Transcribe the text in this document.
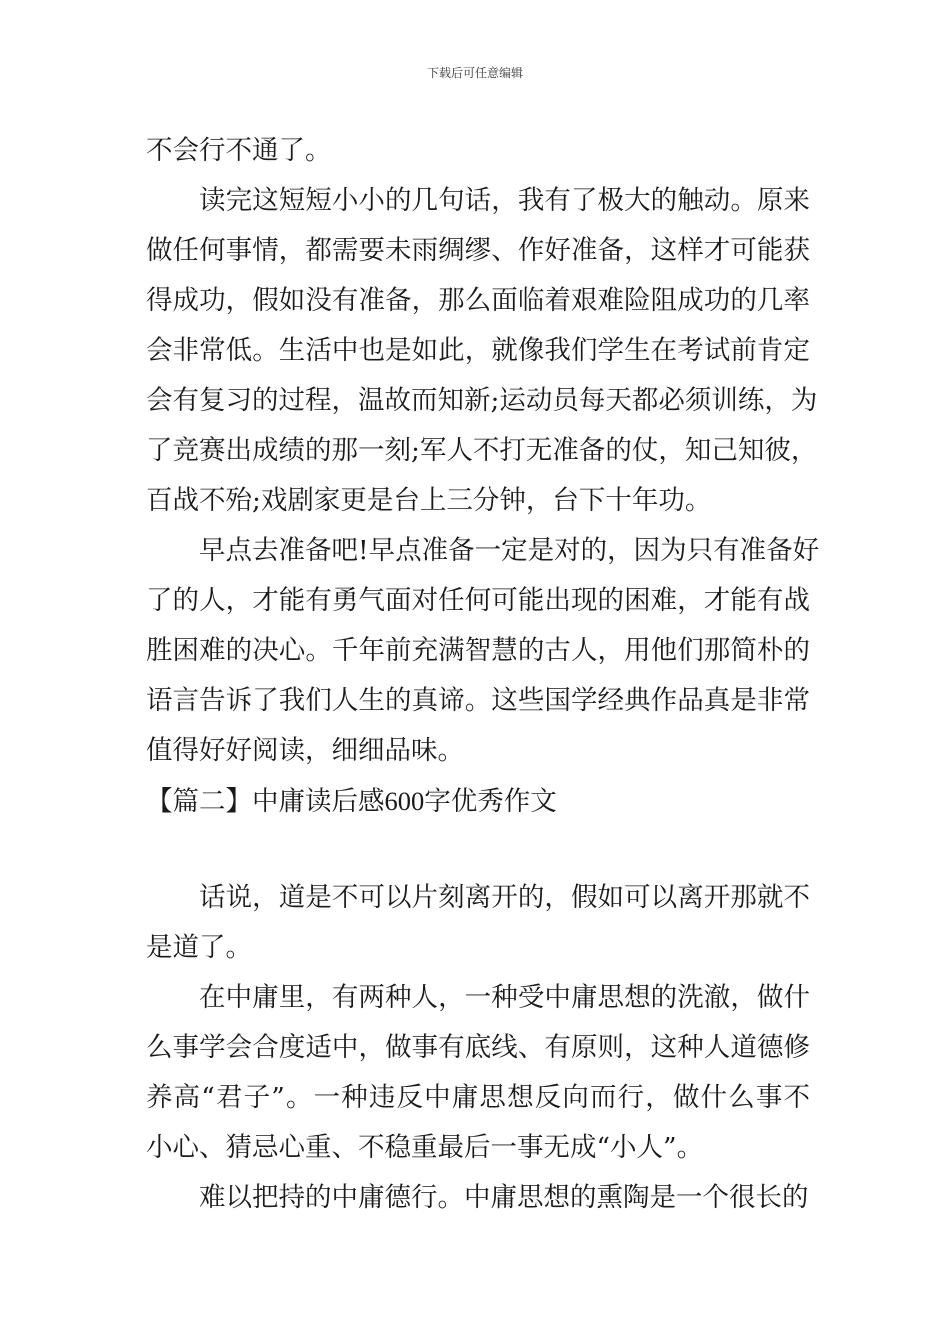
下载后可任意编辑
不会行不通了。
读完这短短小小的几句话，我有了极大的触动。原来
做任何事情，都需要未雨绸缪、作好准备，这样才可能获
得成功，假如没有准备，那么面临着艰难险阻成功的几率
会非常低。生活中也是如此，就像我们学生在考试前肯定
会有复习的过程，温故而知新;运动员每天都必须训练，为
了竞赛出成绩的那一刻;军人不打无准备的仗，知己知彼，
百战不殆;戏剧家更是台上三分钟，台下十年功。
早点去准备吧!早点准备一定是对的，因为只有准备好
了的人，才能有勇气面对任何可能出现的困难，才能有战
胜困难的决心。千年前充满智慧的古人，用他们那简朴的
语言告诉了我们人生的真谛。这些国学经典作品真是非常
值得好好阅读，细细品味。
【篇二】中庸读后感600字优秀作文
话说，道是不可以片刻离开的，假如可以离开那就不
是道了。
在中庸里，有两种人，一种受中庸思想的洗澈，做什
么事学会合度适中，做事有底线、有原则，这种人道德修
养高“君子”。一种违反中庸思想反向而行，做什么事不
小心、猜忌心重、不稳重最后一事无成“小人”。
难以把持的中庸德行。中庸思想的熏陶是一个很长的
